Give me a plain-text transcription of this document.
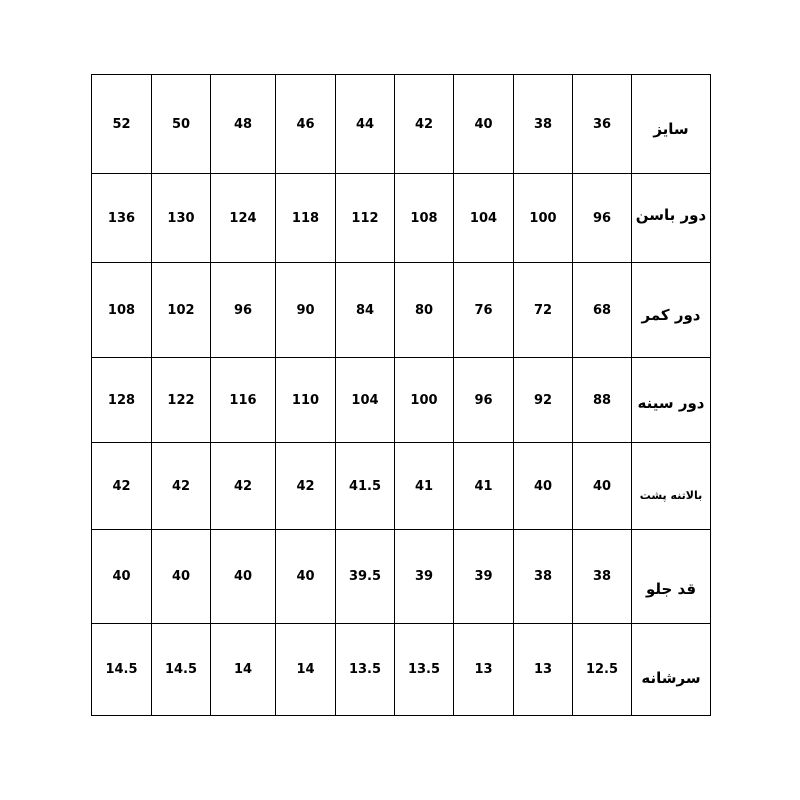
52	50	48	46	44	42	40	38	36	سایز
136	130	124	118	112	108	104	100	96	دور باسن
108	102	96	90	84	80	76	72	68	دور کمر
128	122	116	110	104	100	96	92	88	دور سینه
42	42	42	42	41.5	41	41	40	40	بالاتنه پشت
40	40	40	40	39.5	39	39	38	38	قد جلو
14.5	14.5	14	14	13.5	13.5	13	13	12.5	سرشانه
